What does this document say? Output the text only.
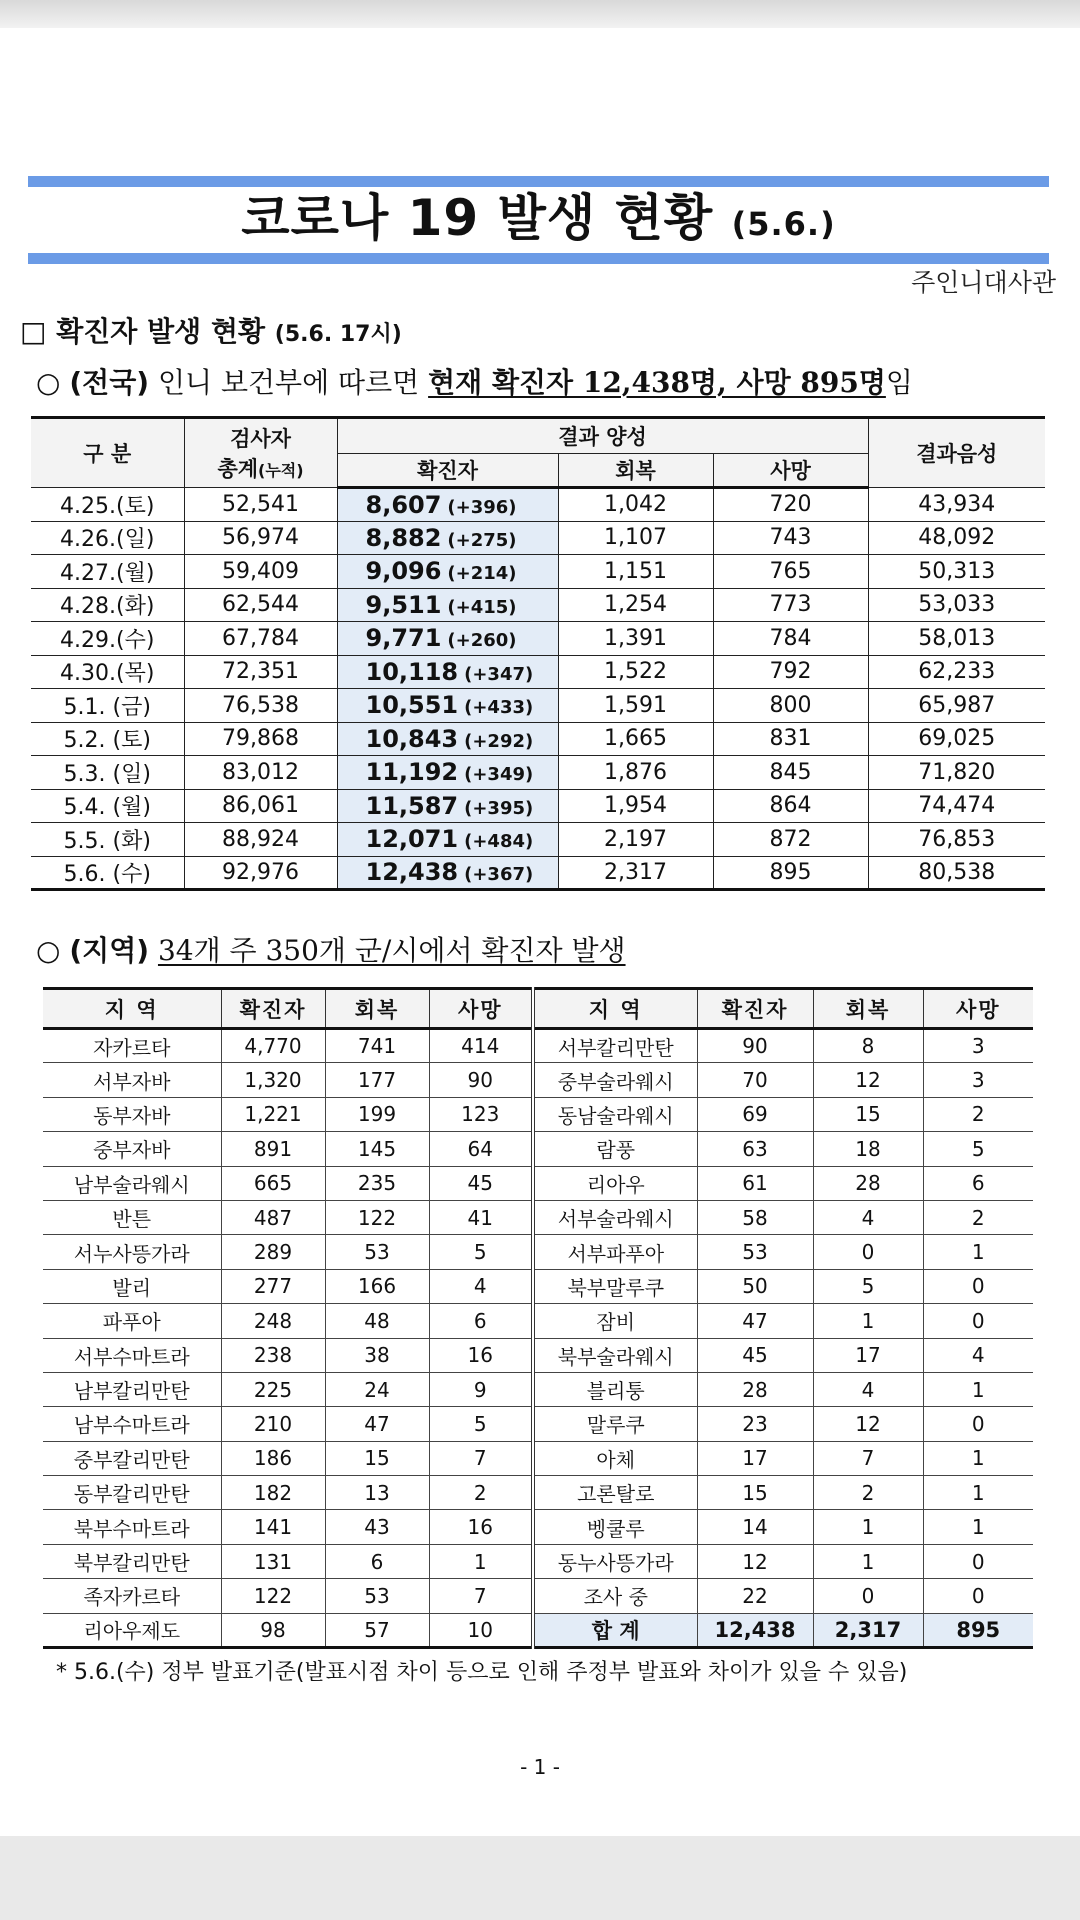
코로나 19 발생 현황 (5.6.)
주인니대사관
□ 확진자 발생 현황 (5.6. 17시)
○ (전국) 인니 보건부에 따르면 현재 확진자 12,438명, 사망 895명임
구 분	검사자
총계(누적)	결과 양성			결과음성
		확진자	회복	사망	
4.25.(토)	52,541	8,607 (+396)	1,042	720	43,934
4.26.(일)	56,974	8,882 (+275)	1,107	743	48,092
4.27.(월)	59,409	9,096 (+214)	1,151	765	50,313
4.28.(화)	62,544	9,511 (+415)	1,254	773	53,033
4.29.(수)	67,784	9,771 (+260)	1,391	784	58,013
4.30.(목)	72,351	10,118 (+347)	1,522	792	62,233
5.1. (금)	76,538	10,551 (+433)	1,591	800	65,987
5.2. (토)	79,868	10,843 (+292)	1,665	831	69,025
5.3. (일)	83,012	11,192 (+349)	1,876	845	71,820
5.4. (월)	86,061	11,587 (+395)	1,954	864	74,474
5.5. (화)	88,924	12,071 (+484)	2,197	872	76,853
5.6. (수)	92,976	12,438 (+367)	2,317	895	80,538
○ (지역) 34개 주 350개 군/시에서 확진자 발생
지 역	확진자	회복	사망	지 역	확진자	회복	사망
자카르타	4,770	741	414	서부칼리만탄	90	8	3
서부자바	1,320	177	90	중부술라웨시	70	12	3
동부자바	1,221	199	123	동남술라웨시	69	15	2
중부자바	891	145	64	람풍	63	18	5
남부술라웨시	665	235	45	리아우	61	28	6
반튼	487	122	41	서부술라웨시	58	4	2
서누사뜽가라	289	53	5	서부파푸아	53	0	1
발리	277	166	4	북부말루쿠	50	5	0
파푸아	248	48	6	잠비	47	1	0
서부수마트라	238	38	16	북부술라웨시	45	17	4
남부칼리만탄	225	24	9	블리퉁	28	4	1
남부수마트라	210	47	5	말루쿠	23	12	0
중부칼리만탄	186	15	7	아체	17	7	1
동부칼리만탄	182	13	2	고론탈로	15	2	1
북부수마트라	141	43	16	벵쿨루	14	1	1
북부칼리만탄	131	6	1	동누사뜽가라	12	1	0
족자카르타	122	53	7	조사 중	22	0	0
리아우제도	98	57	10	합 계	12,438	2,317	895
* 5.6.(수) 정부 발표기준(발표시점 차이 등으로 인해 주정부 발표와 차이가 있을 수 있음)
- 1 -
